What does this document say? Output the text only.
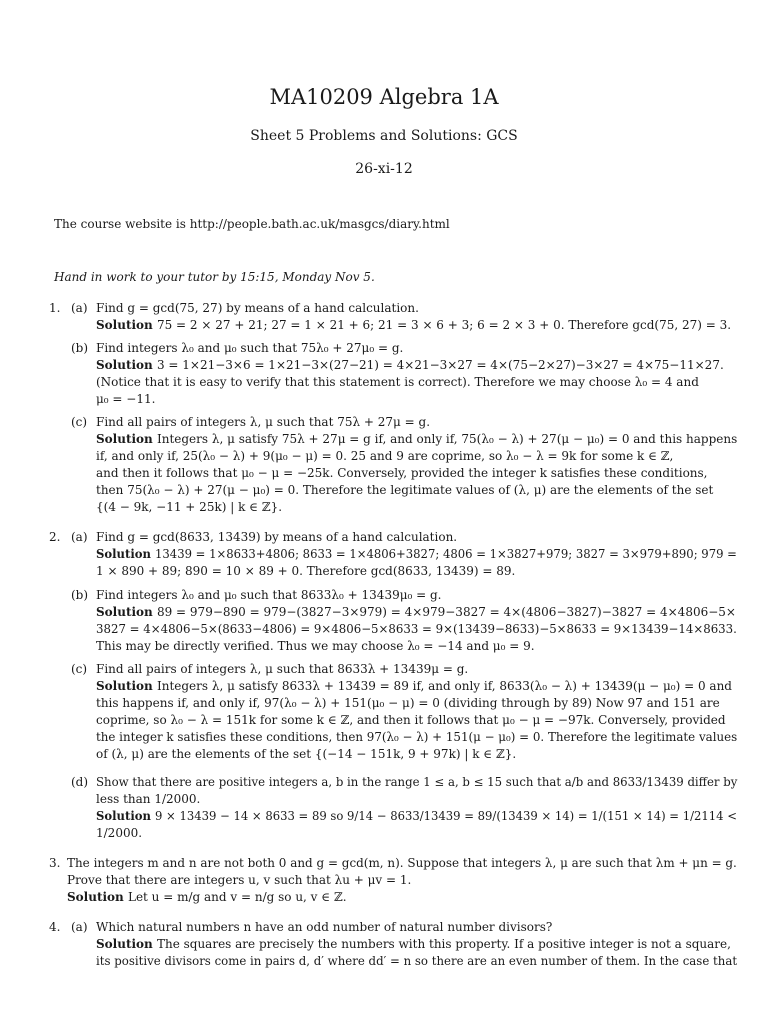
MA10209 Algebra 1A
Sheet 5 Problems and Solutions: GCS
26-xi-12
The course website is http://people.bath.ac.uk/masgcs/diary.html
Hand in work to your tutor by 15:15, Monday Nov 5.
1. (a) Find g = gcd(75, 27) by means of a hand calculation.
Solution 75 = 2 × 27 + 21; 27 = 1 × 21 + 6; 21 = 3 × 6 + 3; 6 = 2 × 3 + 0. Therefore gcd(75, 27) = 3.
(b) Find integers λ₀ and μ₀ such that 75λ₀ + 27μ₀ = g.
Solution 3 = 1×21−3×6 = 1×21−3×(27−21) = 4×21−3×27 = 4×(75−2×27)−3×27 = 4×75−11×27.
(Notice that it is easy to verify that this statement is correct). Therefore we may choose λ₀ = 4 and
μ₀ = −11.
(c) Find all pairs of integers λ, μ such that 75λ + 27μ = g.
Solution Integers λ, μ satisfy 75λ + 27μ = g if, and only if, 75(λ₀ − λ) + 27(μ − μ₀) = 0 and this happens
if, and only if, 25(λ₀ − λ) + 9(μ₀ − μ) = 0. 25 and 9 are coprime, so λ₀ − λ = 9k for some k ∈ ℤ,
and then it follows that μ₀ − μ = −25k. Conversely, provided the integer k satisfies these conditions,
then 75(λ₀ − λ) + 27(μ − μ₀) = 0. Therefore the legitimate values of (λ, μ) are the elements of the set
{(4 − 9k, −11 + 25k) | k ∈ ℤ}.
2. (a) Find g = gcd(8633, 13439) by means of a hand calculation.
Solution 13439 = 1×8633+4806; 8633 = 1×4806+3827; 4806 = 1×3827+979; 3827 = 3×979+890; 979 =
1 × 890 + 89; 890 = 10 × 89 + 0. Therefore gcd(8633, 13439) = 89.
(b) Find integers λ₀ and μ₀ such that 8633λ₀ + 13439μ₀ = g.
Solution 89 = 979−890 = 979−(3827−3×979) = 4×979−3827 = 4×(4806−3827)−3827 = 4×4806−5×
3827 = 4×4806−5×(8633−4806) = 9×4806−5×8633 = 9×(13439−8633)−5×8633 = 9×13439−14×8633.
This may be directly verified. Thus we may choose λ₀ = −14 and μ₀ = 9.
(c) Find all pairs of integers λ, μ such that 8633λ + 13439μ = g.
Solution Integers λ, μ satisfy 8633λ + 13439 = 89 if, and only if, 8633(λ₀ − λ) + 13439(μ − μ₀) = 0 and
this happens if, and only if, 97(λ₀ − λ) + 151(μ₀ − μ) = 0 (dividing through by 89) Now 97 and 151 are
coprime, so λ₀ − λ = 151k for some k ∈ ℤ, and then it follows that μ₀ − μ = −97k. Conversely, provided
the integer k satisfies these conditions, then 97(λ₀ − λ) + 151(μ − μ₀) = 0. Therefore the legitimate values
of (λ, μ) are the elements of the set {(−14 − 151k, 9 + 97k) | k ∈ ℤ}.
(d) Show that there are positive integers a, b in the range 1 ≤ a, b ≤ 15 such that a/b and 8633/13439 differ by
less than 1/2000.
Solution 9 × 13439 − 14 × 8633 = 89 so 9/14 − 8633/13439 = 89/(13439 × 14) = 1/(151 × 14) = 1/2114 <
1/2000.
3. The integers m and n are not both 0 and g = gcd(m, n). Suppose that integers λ, μ are such that λm + μn = g.
Prove that there are integers u, v such that λu + μv = 1.
Solution Let u = m/g and v = n/g so u, v ∈ ℤ.
4. (a) Which natural numbers n have an odd number of natural number divisors?
Solution The squares are precisely the numbers with this property. If a positive integer is not a square,
its positive divisors come in pairs d, d′ where dd′ = n so there are an even number of them. In the case that
